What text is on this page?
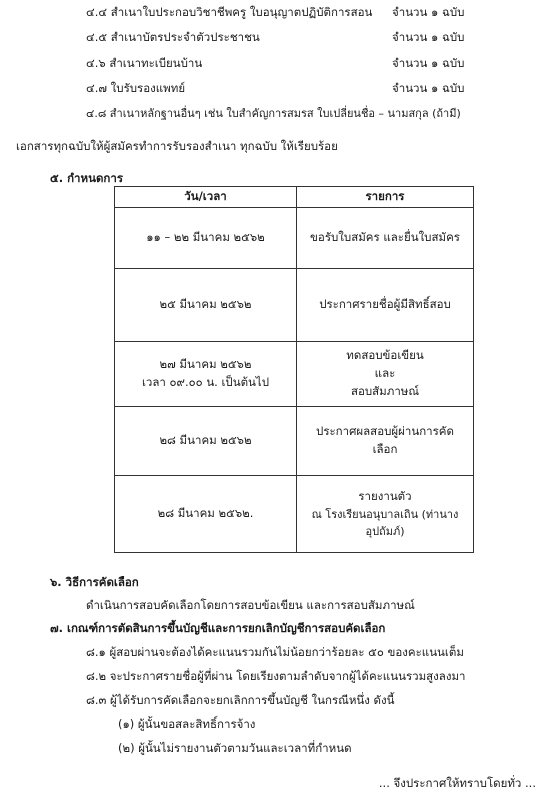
๔.๔ สำเนาใบประกอบวิชาชีพครู ใบอนุญาตปฏิบัติการสอน จำนวน ๑ ฉบับ
๔.๕ สำเนาบัตรประจำตัวประชาชน	จำนวน ๑ ฉบับ
๔.๖ สำเนาทะเบียนบ้าน	จำนวน ๑ ฉบับ
๔.๗ ใบรับรองแพทย์	จำนวน ๑ ฉบับ
๔.๘ สำเนาหลักฐานอื่นๆ เช่น ใบสำคัญการสมรส ใบเปลี่ยนชื่อ – นามสกุล (ถ้ามี)
เอกสารทุกฉบับให้ผู้สมัครทำการรับรองสำเนา ทุกฉบับ ให้เรียบร้อย
๕. กำหนดการ
วัน/เวลา	รายการ

๑๑ – ๒๒ มีนาคม ๒๕๖๒	ขอรับใบสมัคร และยื่นใบสมัคร

๒๕ มีนาคม ๒๕๖๒	ประกาศรายชื่อผู้มีสิทธิ์สอบ

๒๗ มีนาคม ๒๕๖๒
เวลา ๐๙.๐๐ น. เป็นต้นไป	ทดสอบข้อเขียน
และ
สอบสัมภาษณ์

๒๘ มีนาคม ๒๕๖๒	ประกาศผลสอบผู้ผ่านการคัดเลือก

๒๘ มีนาคม ๒๕๖๒.	รายงานตัว
ณ โรงเรียนอนุบาลเถิน (ท่านางอุปถัมภ์)
๖. วิธีการคัดเลือก
ดำเนินการสอบคัดเลือกโดยการสอบข้อเขียน และการสอบสัมภาษณ์
๗. เกณฑ์การตัดสินการขึ้นบัญชีและการยกเลิกบัญชีการสอบคัดเลือก
๘.๑ ผู้สอบผ่านจะต้องได้คะแนนรวมกันไม่น้อยกว่าร้อยละ ๕๐ ของคะแนนเต็ม
๘.๒ จะประกาศรายชื่อผู้ที่ผ่าน โดยเรียงตามลำดับจากผู้ได้คะแนนรวมสูงลงมา
๘.๓ ผู้ได้รับการคัดเลือกจะยกเลิกการขึ้นบัญชี ในกรณีหนึ่ง ดังนี้
(๑) ผู้นั้นขอสละสิทธิ์การจ้าง
(๒) ผู้นั้นไม่รายงานตัวตามวันและเวลาที่กำหนด
... จึงประกาศให้ทราบโดยทั่ว ...
